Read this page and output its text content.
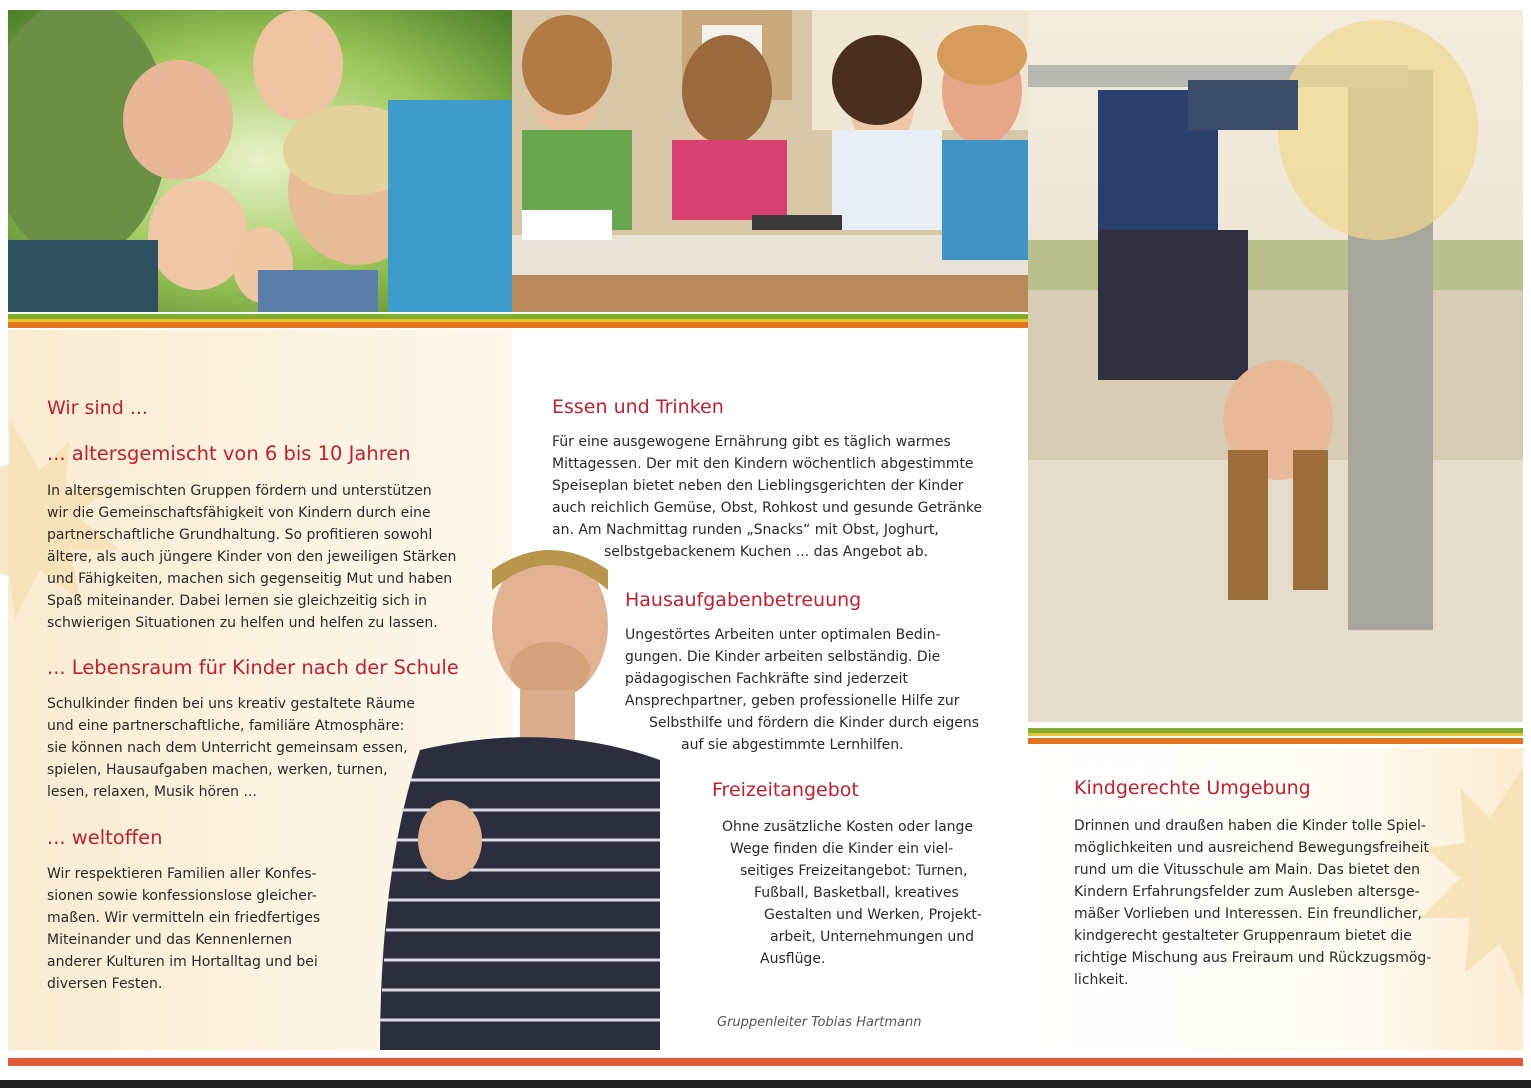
Wir sind ...
... altersgemischt von 6 bis 10 Jahren
In altersgemischten Gruppen fördern und unterstützen
wir die Gemeinschaftsfähigkeit von Kindern durch eine
partnerschaftliche Grundhaltung. So profitieren sowohl
ältere, als auch jüngere Kinder von den jeweiligen Stärken
und Fähigkeiten, machen sich gegenseitig Mut und haben
Spaß miteinander. Dabei lernen sie gleichzeitig sich in
schwierigen Situationen zu helfen und helfen zu lassen.
... Lebensraum für Kinder nach der Schule
Schulkinder finden bei uns kreativ gestaltete Räume
und eine partnerschaftliche, familiäre Atmosphäre:
sie können nach dem Unterricht gemeinsam essen,
spielen, Hausaufgaben machen, werken, turnen,
lesen, relaxen, Musik hören ...
... weltoffen
Wir respektieren Familien aller Konfes-
sionen sowie konfessionslose gleicher-
maßen. Wir vermitteln ein friedfertiges
Miteinander und das Kennenlernen
anderer Kulturen im Hortalltag und bei
diversen Festen.
Essen und Trinken
Für eine ausgewogene Ernährung gibt es täglich warmes
Mittagessen. Der mit den Kindern wöchentlich abgestimmte
Speiseplan bietet neben den Lieblingsgerichten der Kinder
auch reichlich Gemüse, Obst, Rohkost und gesunde Getränke
an. Am Nachmittag runden „Snacks“ mit Obst, Joghurt,
selbstgebackenem Kuchen ... das Angebot ab.
Hausaufgabenbetreuung
Ungestörtes Arbeiten unter optimalen Bedin-
gungen. Die Kinder arbeiten selbständig. Die
pädagogischen Fachkräfte sind jederzeit
Ansprechpartner, geben professionelle Hilfe zur
Selbsthilfe und fördern die Kinder durch eigens
auf sie abgestimmte Lernhilfen.
Freizeitangebot
Ohne zusätzliche Kosten oder lange
Wege finden die Kinder ein viel-
seitiges Freizeitangebot: Turnen,
Fußball, Basketball, kreatives
Gestalten und Werken, Projekt-
arbeit, Unternehmungen und
Ausflüge.
Gruppenleiter Tobias Hartmann
Kindgerechte Umgebung
Drinnen und draußen haben die Kinder tolle Spiel-
möglichkeiten und ausreichend Bewegungsfreiheit
rund um die Vitusschule am Main. Das bietet den
Kindern Erfahrungsfelder zum Ausleben altersge-
mäßer Vorlieben und Interessen. Ein freundlicher,
kindgerecht gestalteter Gruppenraum bietet die
richtige Mischung aus Freiraum und Rückzugsmög-
lichkeit.
